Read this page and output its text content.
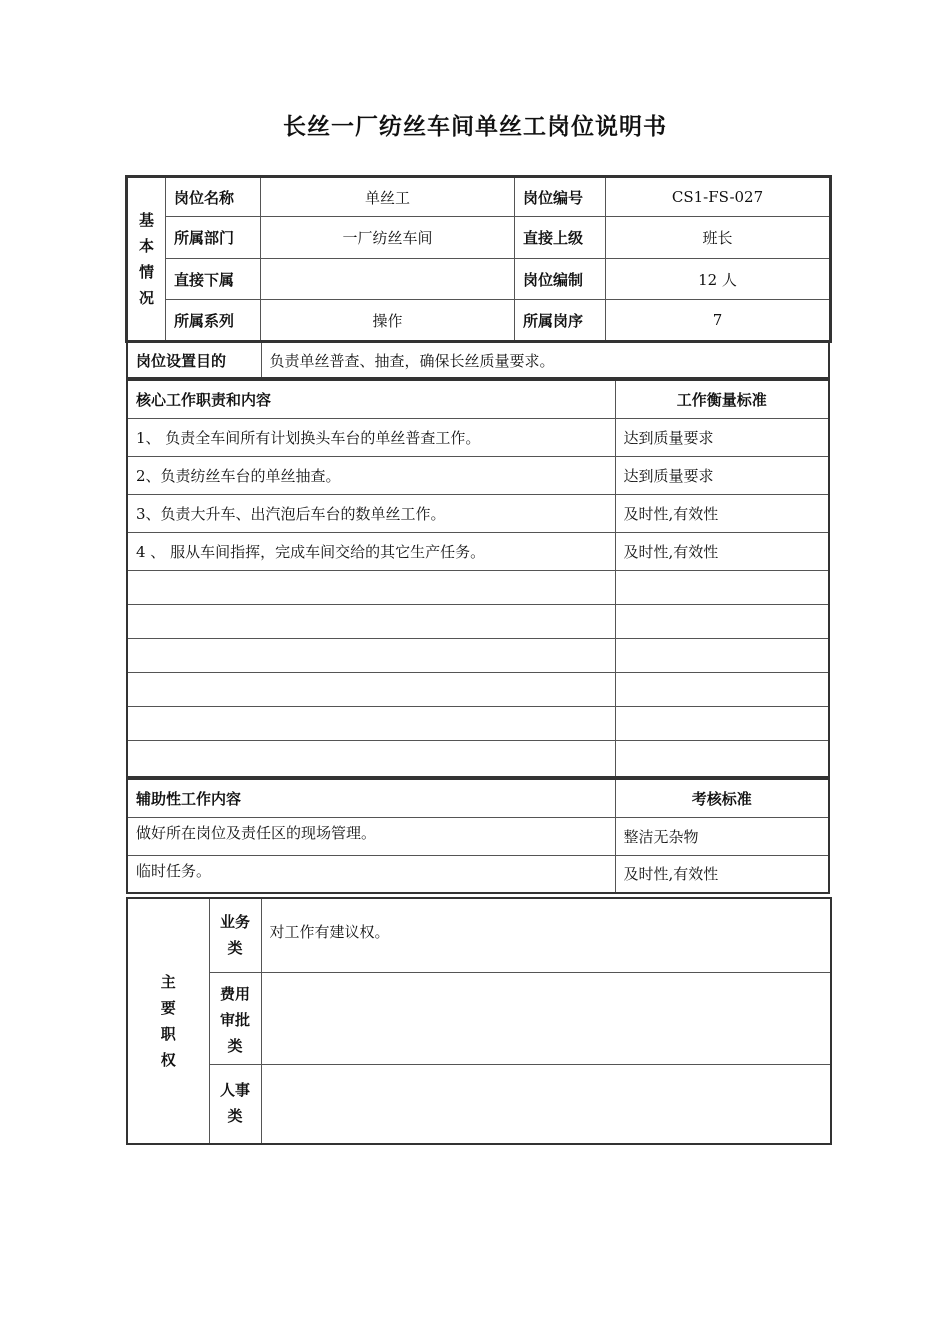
长丝一厂纺丝车间单丝工岗位说明书
基本情况	岗位名称	单丝工	岗位编号	CS1-FS-027
	所属部门	一厂纺丝车间	直接上级	班长
	直接下属		岗位编制	12 人
	所属系列	操作	所属岗序	7
岗位设置目的	负责单丝普查、抽查，确保长丝质量要求。
核心工作职责和内容	工作衡量标准
1、 负责全车间所有计划换头车台的单丝普查工作。	达到质量要求
2、负责纺丝车台的单丝抽查。	达到质量要求
3、负责大升车、出汽泡后车台的数单丝工作。	及时性,有效性
4 、 服从车间指挥，完成车间交给的其它生产任务。	及时性,有效性

辅助性工作内容	考核标准
做好所在岗位及责任区的现场管理。	整洁无杂物
临时任务。	及时性,有效性
主要职权	业务类	对工作有建议权。
	费用审批类	
	人事类	
